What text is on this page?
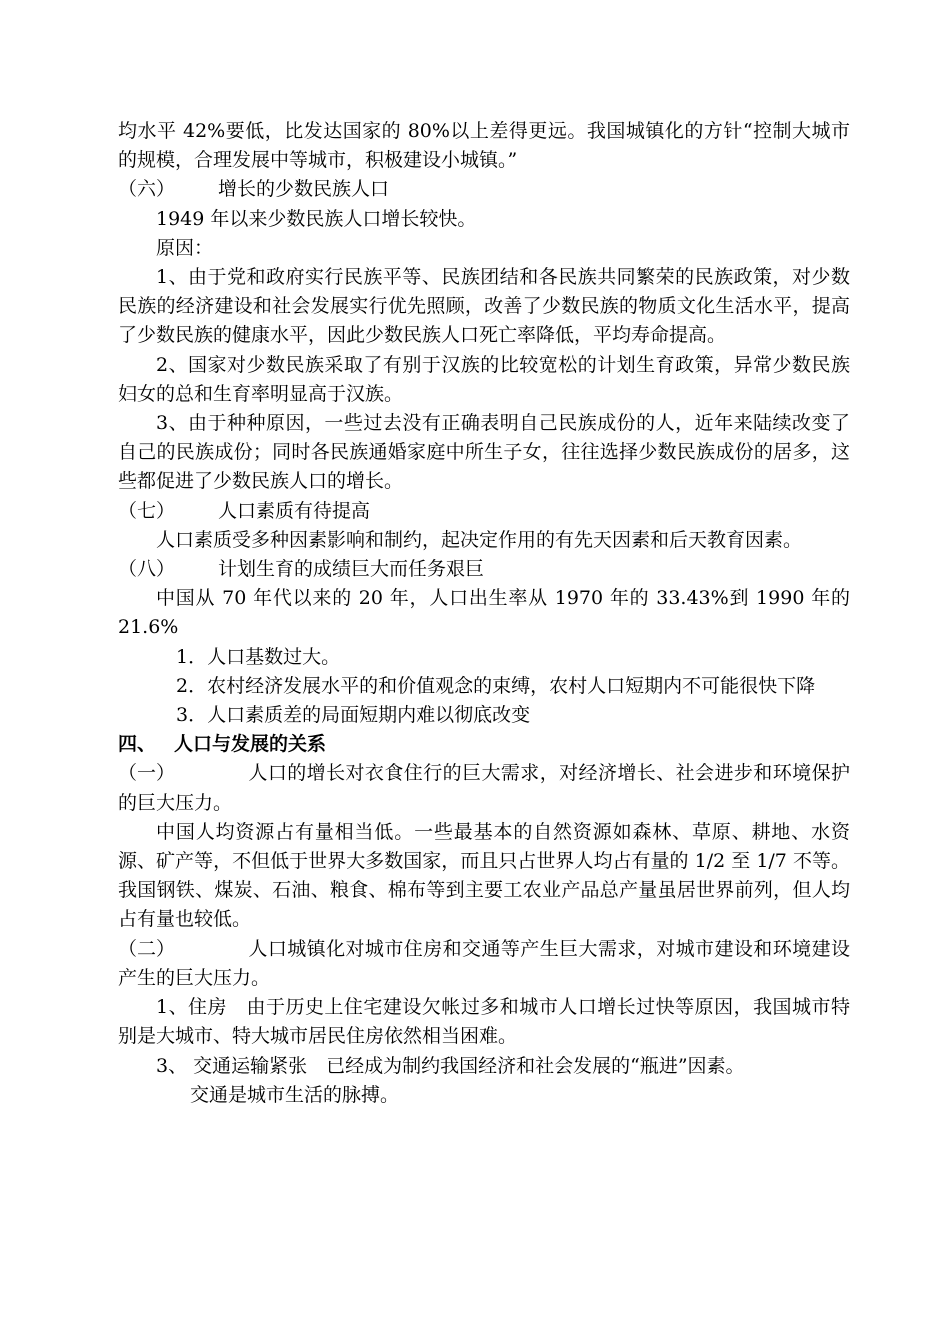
均水平 42%要低，比发达国家的 80%以上差得更远。我国城镇化的方针“控制大城市的规模，合理发展中等城市，积极建设小城镇。”

（六） 增长的少数民族人口

1949 年以来少数民族人口增长较快。

原因：

1、由于党和政府实行民族平等、民族团结和各民族共同繁荣的民族政策，对少数民族的经济建设和社会发展实行优先照顾，改善了少数民族的物质文化生活水平，提高了少数民族的健康水平，因此少数民族人口死亡率降低，平均寿命提高。

2、国家对少数民族采取了有别于汉族的比较宽松的计划生育政策，异常少数民族妇女的总和生育率明显高于汉族。

3、由于种种原因，一些过去没有正确表明自己民族成份的人，近年来陆续改变了自己的民族成份；同时各民族通婚家庭中所生子女，往往选择少数民族成份的居多，这些都促进了少数民族人口的增长。

（七） 人口素质有待提高

人口素质受多种因素影响和制约，起决定作用的有先天因素和后天教育因素。

（八） 计划生育的成绩巨大而任务艰巨

中国从 70 年代以来的 20 年，人口出生率从 1970 年的 33.43%到 1990 年的 21.6%

1．人口基数过大。

2．农村经济发展水平的和价值观念的束缚，农村人口短期内不可能很快下降

3．人口素质差的局面短期内难以彻底改变

四、 人口与发展的关系

（一）	人口的增长对衣食住行的巨大需求，对经济增长、社会进步和环境保护的巨大压力。

中国人均资源占有量相当低。一些最基本的自然资源如森林、草原、耕地、水资源、矿产等，不但低于世界大多数国家，而且只占世界人均占有量的 1/2 至 1/7 不等。我国钢铁、煤炭、石油、粮食、棉布等到主要工农业产品总产量虽居世界前列，但人均占有量也较低。

（二）	人口城镇化对城市住房和交通等产生巨大需求，对城市建设和环境建设产生的巨大压力。

1、住房　由于历史上住宅建设欠帐过多和城市人口增长过快等原因，我国城市特别是大城市、特大城市居民住房依然相当困难。

3、 交通运输紧张　已经成为制约我国经济和社会发展的“瓶进”因素。

交通是城市生活的脉搏。
